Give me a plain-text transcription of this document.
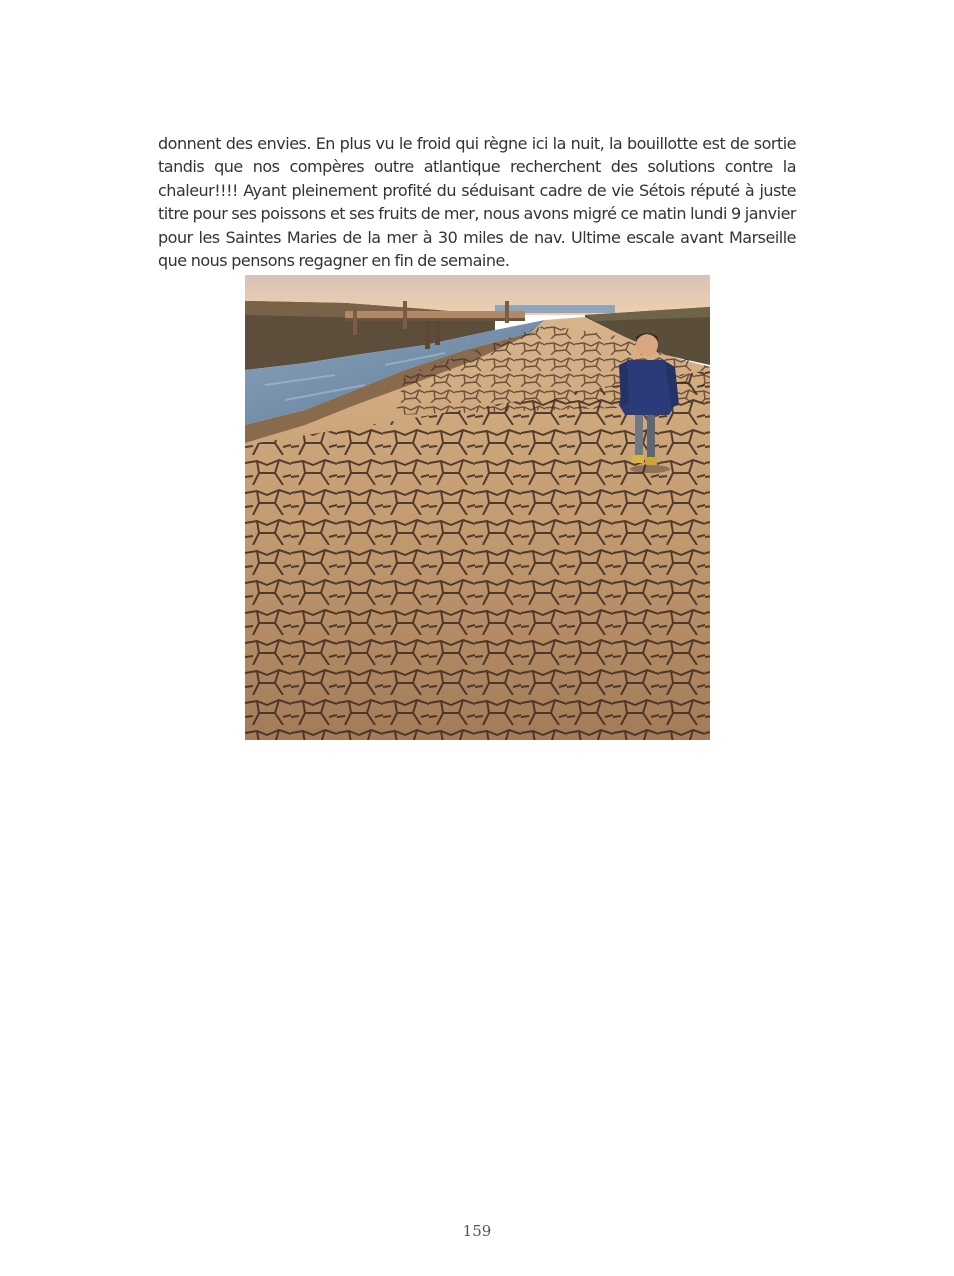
donnent des envies. En plus vu le froid qui règne ici la nuit, la bouillotte est de sortie tandis que nos compères outre atlantique recherchent des solutions contre la chaleur!!!! Ayant pleinement profité du séduisant cadre de vie Sétois réputé à juste titre pour ses poissons et ses fruits de mer, nous avons migré ce matin lundi 9 janvier pour les Saintes Maries de la mer à 30 miles de nav. Ultime escale avant Marseille que nous pensons regagner en fin de semaine.

159
